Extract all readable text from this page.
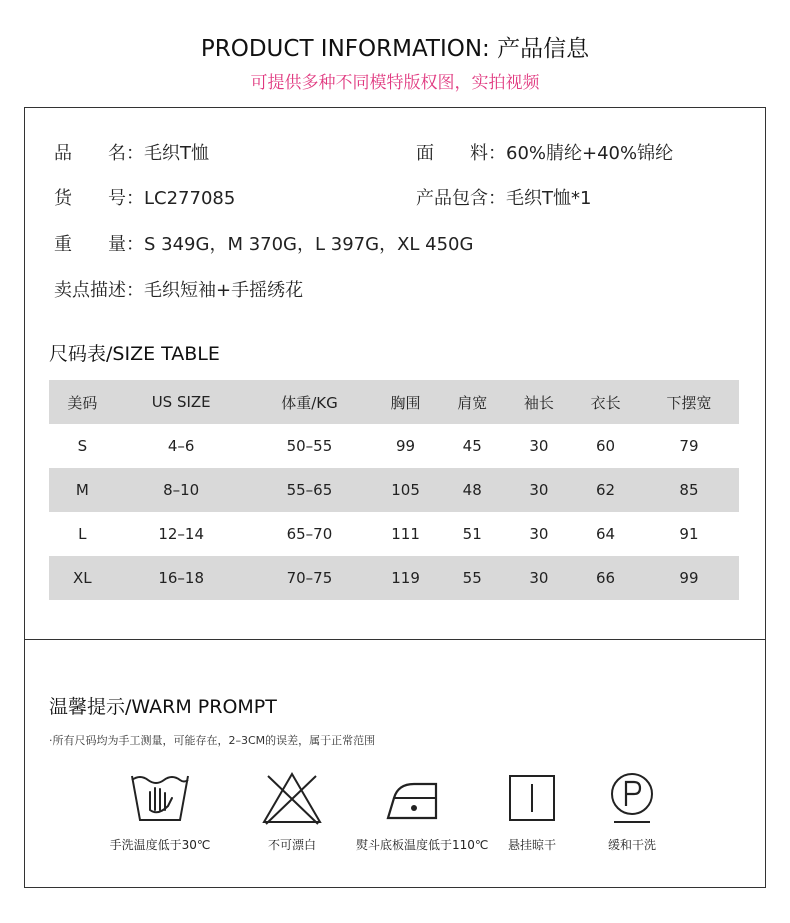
PRODUCT INFORMATION: 产品信息
可提供多种不同模特版权图，实拍视频
品　　名：毛织T恤	面　　料：60%腈纶+40%锦纶
货　　号：LC277085	产品包含：毛织T恤*1
重　　量：S 349G，M 370G，L 397G，XL 450G
卖点描述：毛织短袖+手摇绣花
尺码表/SIZE TABLE
美码	US SIZE	体重/KG	胸围	肩宽	袖长	衣长	下摆宽
S	4–6	50–55	99	45	30	60	79
M	8–10	55–65	105	48	30	62	85
L	12–14	65–70	111	51	30	64	91
XL	16–18	70–75	119	55	30	66	99
温馨提示/WARM PROMPT
·所有尺码均为手工测量，可能存在，2–3CM的误差，属于正常范围
手洗温度低于30℃	不可漂白	熨斗底板温度低于110℃	悬挂晾干	缓和干洗
